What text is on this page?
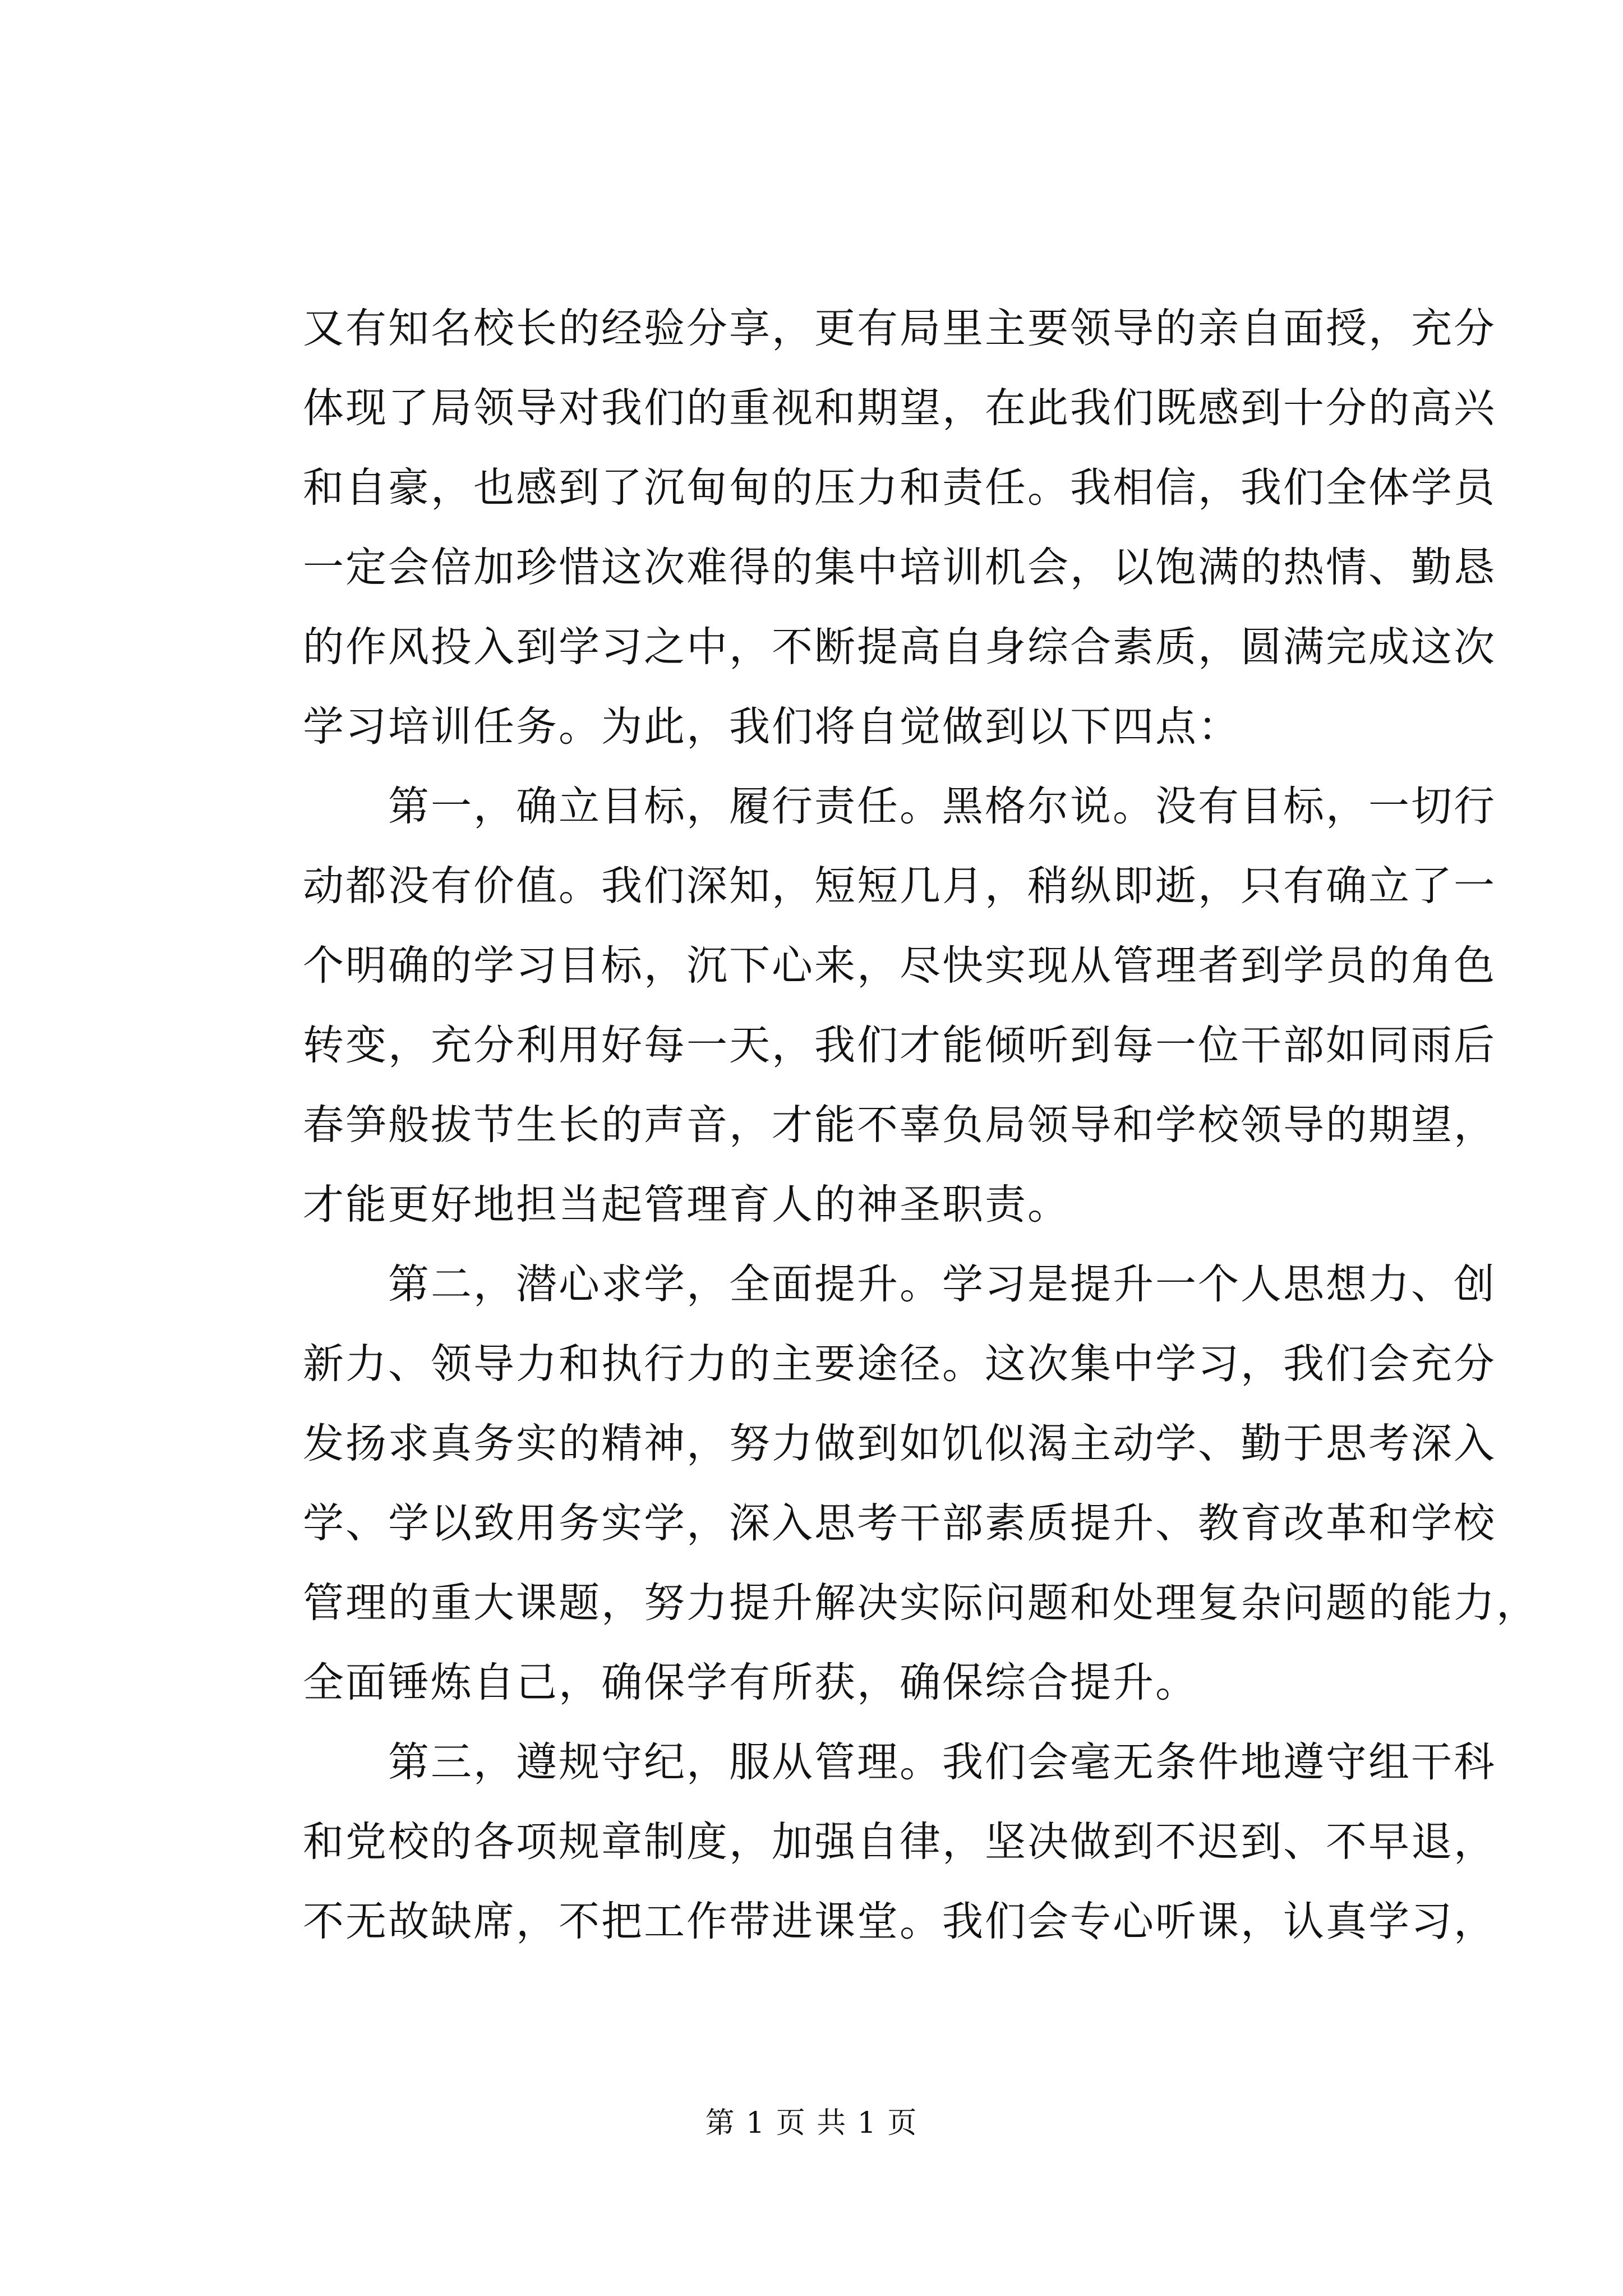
又有知名校长的经验分享，更有局里主要领导的亲自面授，充分
体现了局领导对我们的重视和期望，在此我们既感到十分的高兴
和自豪，也感到了沉甸甸的压力和责任。我相信，我们全体学员
一定会倍加珍惜这次难得的集中培训机会，以饱满的热情、勤恳
的作风投入到学习之中，不断提高自身综合素质，圆满完成这次
学习培训任务。为此，我们将自觉做到以下四点：
　　第一，确立目标，履行责任。黑格尔说。没有目标，一切行
动都没有价值。我们深知，短短几月，稍纵即逝，只有确立了一
个明确的学习目标，沉下心来，尽快实现从管理者到学员的角色
转变，充分利用好每一天，我们才能倾听到每一位干部如同雨后
春笋般拔节生长的声音，才能不辜负局领导和学校领导的期望，
才能更好地担当起管理育人的神圣职责。
　　第二，潜心求学，全面提升。学习是提升一个人思想力、创
新力、领导力和执行力的主要途径。这次集中学习，我们会充分
发扬求真务实的精神，努力做到如饥似渴主动学、勤于思考深入
学、学以致用务实学，深入思考干部素质提升、教育改革和学校
管理的重大课题，努力提升解决实际问题和处理复杂问题的能力，
全面锤炼自己，确保学有所获，确保综合提升。
　　第三，遵规守纪，服从管理。我们会毫无条件地遵守组干科
和党校的各项规章制度，加强自律，坚决做到不迟到、不早退，
不无故缺席，不把工作带进课堂。我们会专心听课，认真学习，
第 1 页 共 1 页
